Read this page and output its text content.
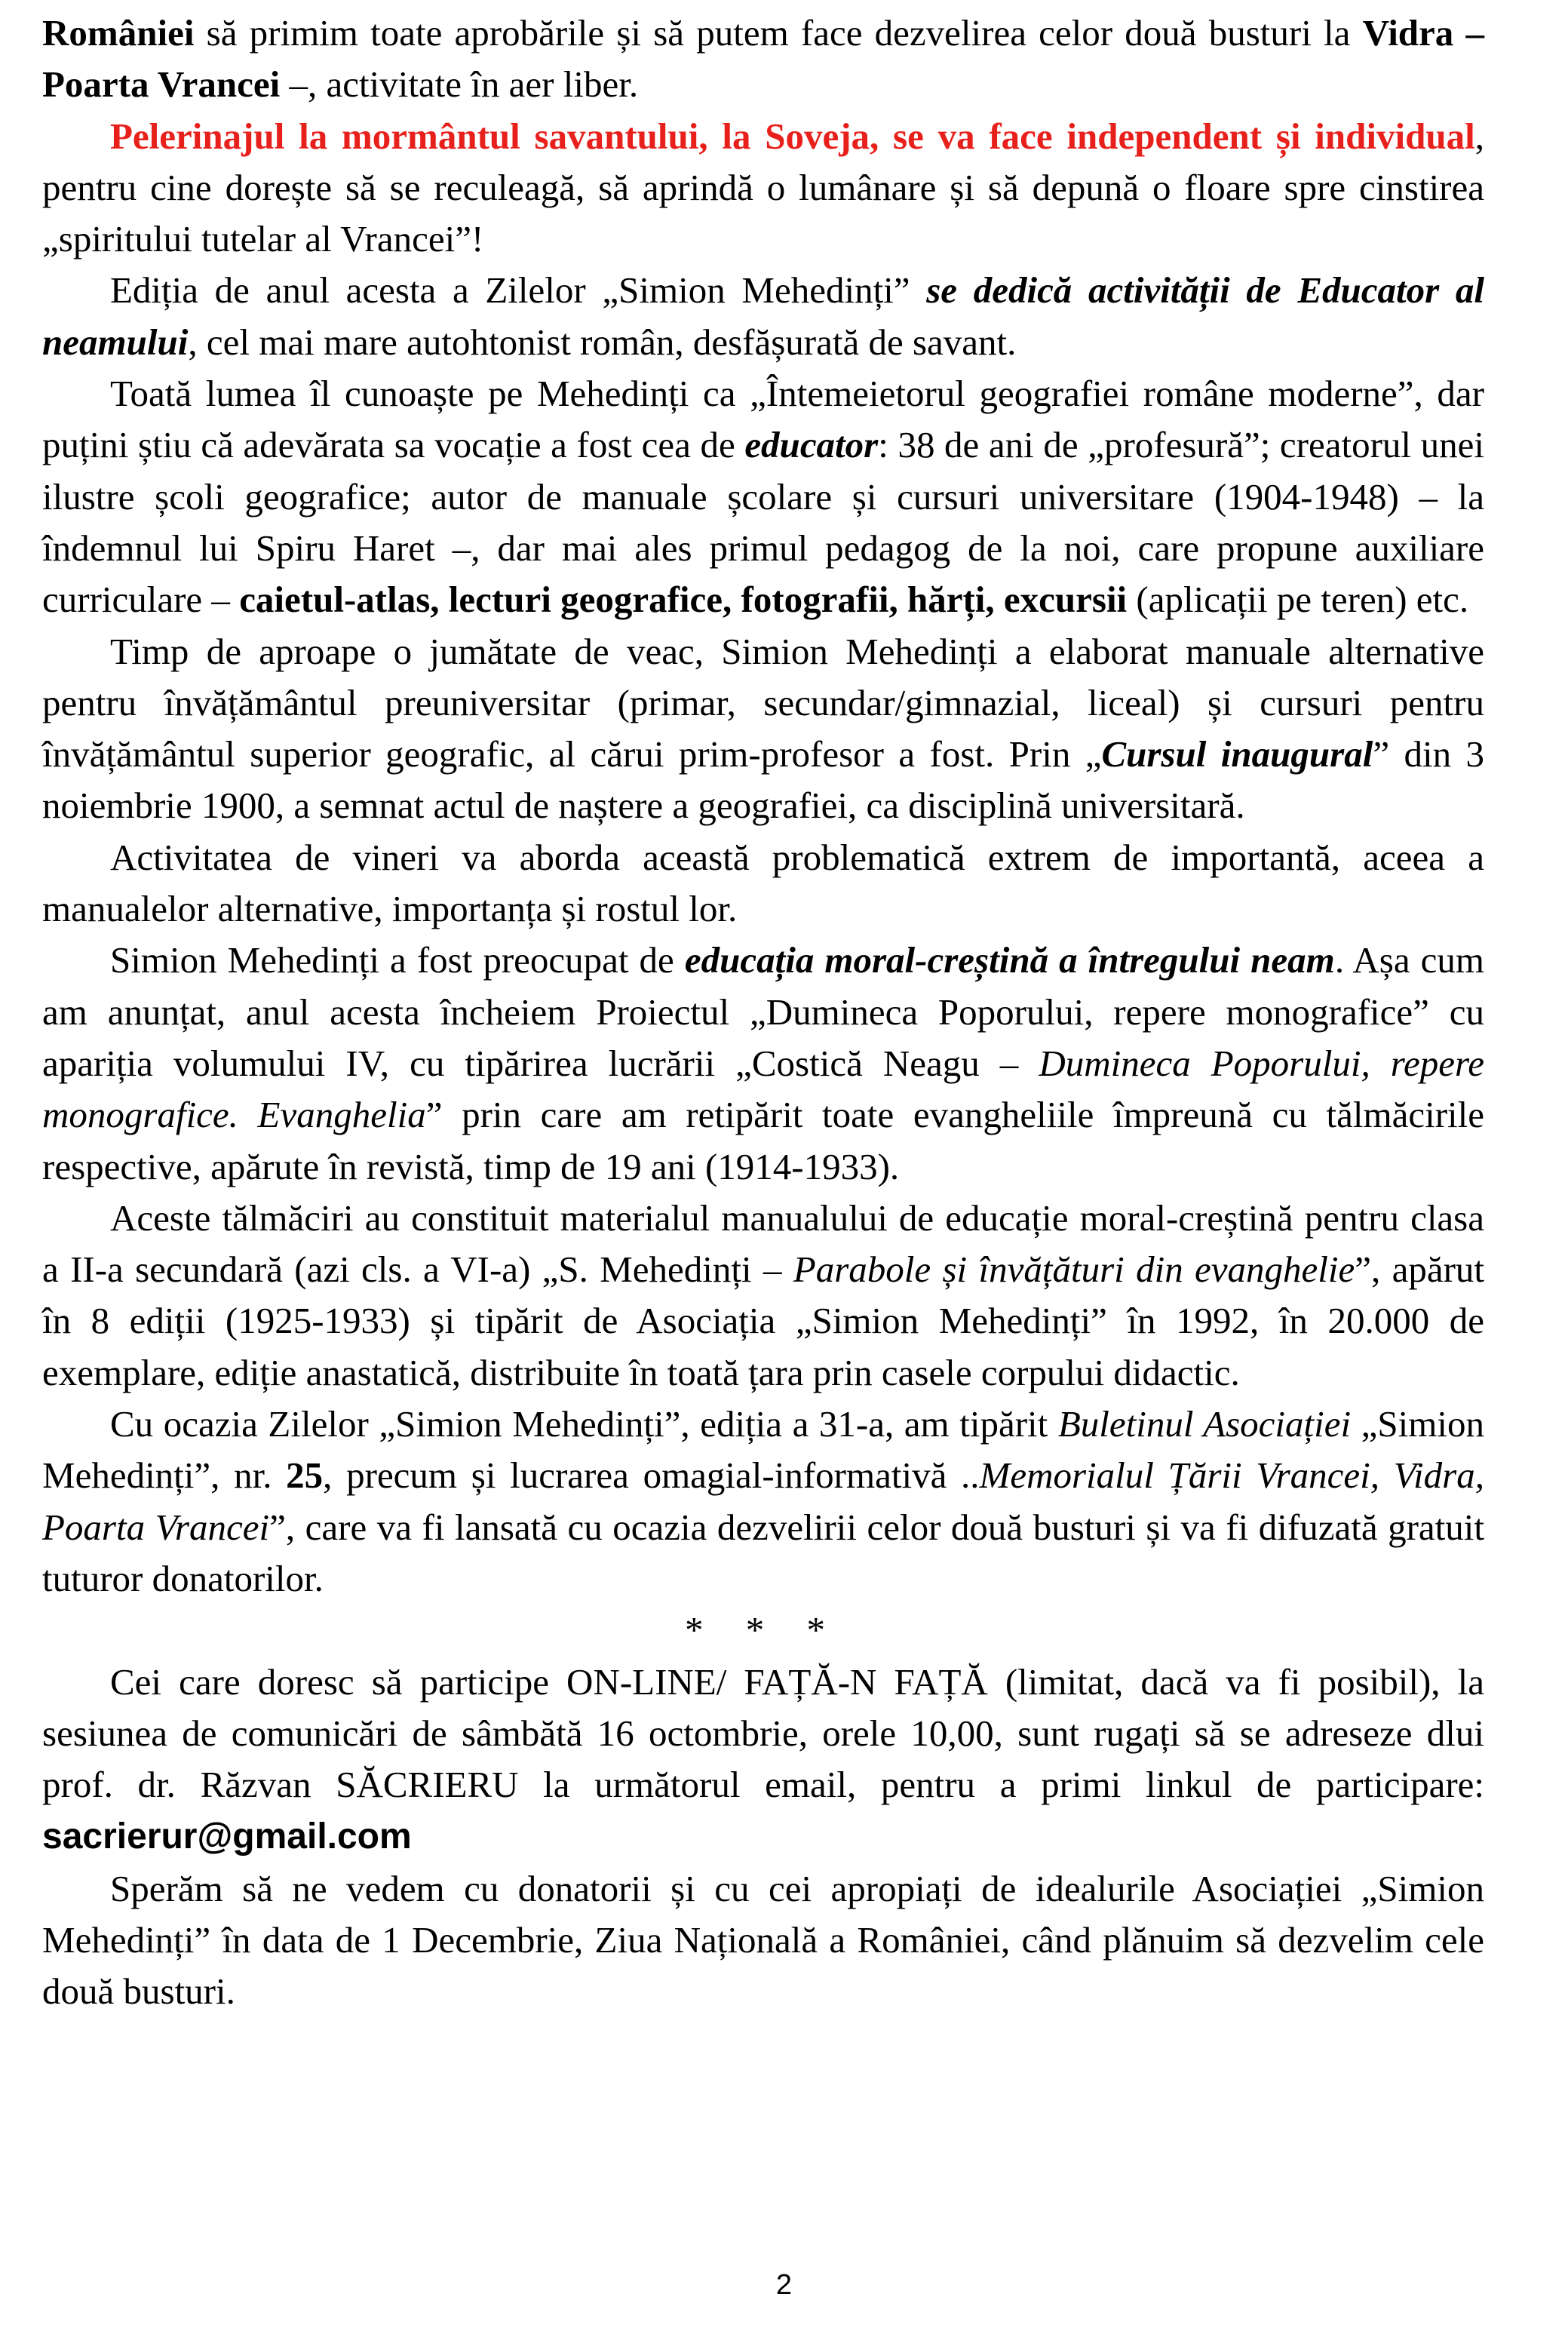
României să primim toate aprobările și să putem face dezvelirea celor două busturi la Vidra – Poarta Vrancei –, activitate în aer liber.

Pelerinajul la mormântul savantului, la Soveja, se va face independent și individual, pentru cine dorește să se reculeagă, să aprindă o lumânare și să depună o floare spre cinstirea „spiritului tutelar al Vrancei”!

Ediția de anul acesta a Zilelor „Simion Mehedinți” se dedică activității de Educator al neamului, cel mai mare autohtonist român, desfășurată de savant.

Toată lumea îl cunoaște pe Mehedinți ca „Întemeietorul geografiei române moderne”, dar puțini știu că adevărata sa vocație a fost cea de educator: 38 de ani de „profesură”; creatorul unei ilustre școli geografice; autor de manuale școlare și cursuri universitare (1904-1948) – la îndemnul lui Spiru Haret –, dar mai ales primul pedagog de la noi, care propune auxiliare curriculare – caietul-atlas, lecturi geografice, fotografii, hărți, excursii (aplicații pe teren) etc.

Timp de aproape o jumătate de veac, Simion Mehedinți a elaborat manuale alternative pentru învățământul preuniversitar (primar, secundar/gimnazial, liceal) și cursuri pentru învățământul superior geografic, al cărui prim-profesor a fost. Prin „Cursul inaugural” din 3 noiembrie 1900, a semnat actul de naștere a geografiei, ca disciplină universitară.

Activitatea de vineri va aborda această problematică extrem de importantă, aceea a manualelor alternative, importanța și rostul lor.

Simion Mehedinți a fost preocupat de educația moral-creștină a întregului neam. Așa cum am anunțat, anul acesta încheiem Proiectul „Dumineca Poporului, repere monografice” cu apariția volumului IV, cu tipărirea lucrării „Costică Neagu – Dumineca Poporului, repere monografice. Evanghelia” prin care am retipărit toate evangheliile împreună cu tălmăcirile respective, apărute în revistă, timp de 19 ani (1914-1933).

Aceste tălmăciri au constituit materialul manualului de educație moral-creștină pentru clasa a II-a secundară (azi cls. a VI-a) „S. Mehedinți – Parabole și învățături din evanghelie”, apărut în 8 ediții (1925-1933) și tipărit de Asociația „Simion Mehedinți” în 1992, în 20.000 de exemplare, ediție anastatică, distribuite în toată țara prin casele corpului didactic.

Cu ocazia Zilelor „Simion Mehedinți”, ediția a 31-a, am tipărit Buletinul Asociației „Simion Mehedinți”, nr. 25, precum și lucrarea omagial-informativă ..Memorialul Țării Vrancei, Vidra, Poarta Vrancei”, care va fi lansată cu ocazia dezvelirii celor două busturi și va fi difuzată gratuit tuturor donatorilor.

* * *

Cei care doresc să participe ON-LINE/ FAȚĂ-N FAȚĂ (limitat, dacă va fi posibil), la sesiunea de comunicări de sâmbătă 16 octombrie, orele 10,00, sunt rugați să se adreseze dlui prof. dr. Răzvan SĂCRIERU la următorul email, pentru a primi linkul de participare: sacrierur@gmail.com

Sperăm să ne vedem cu donatorii și cu cei apropiați de idealurile Asociației „Simion Mehedinți” în data de 1 Decembrie, Ziua Națională a României, când plănuim să dezvelim cele două busturi.

2
